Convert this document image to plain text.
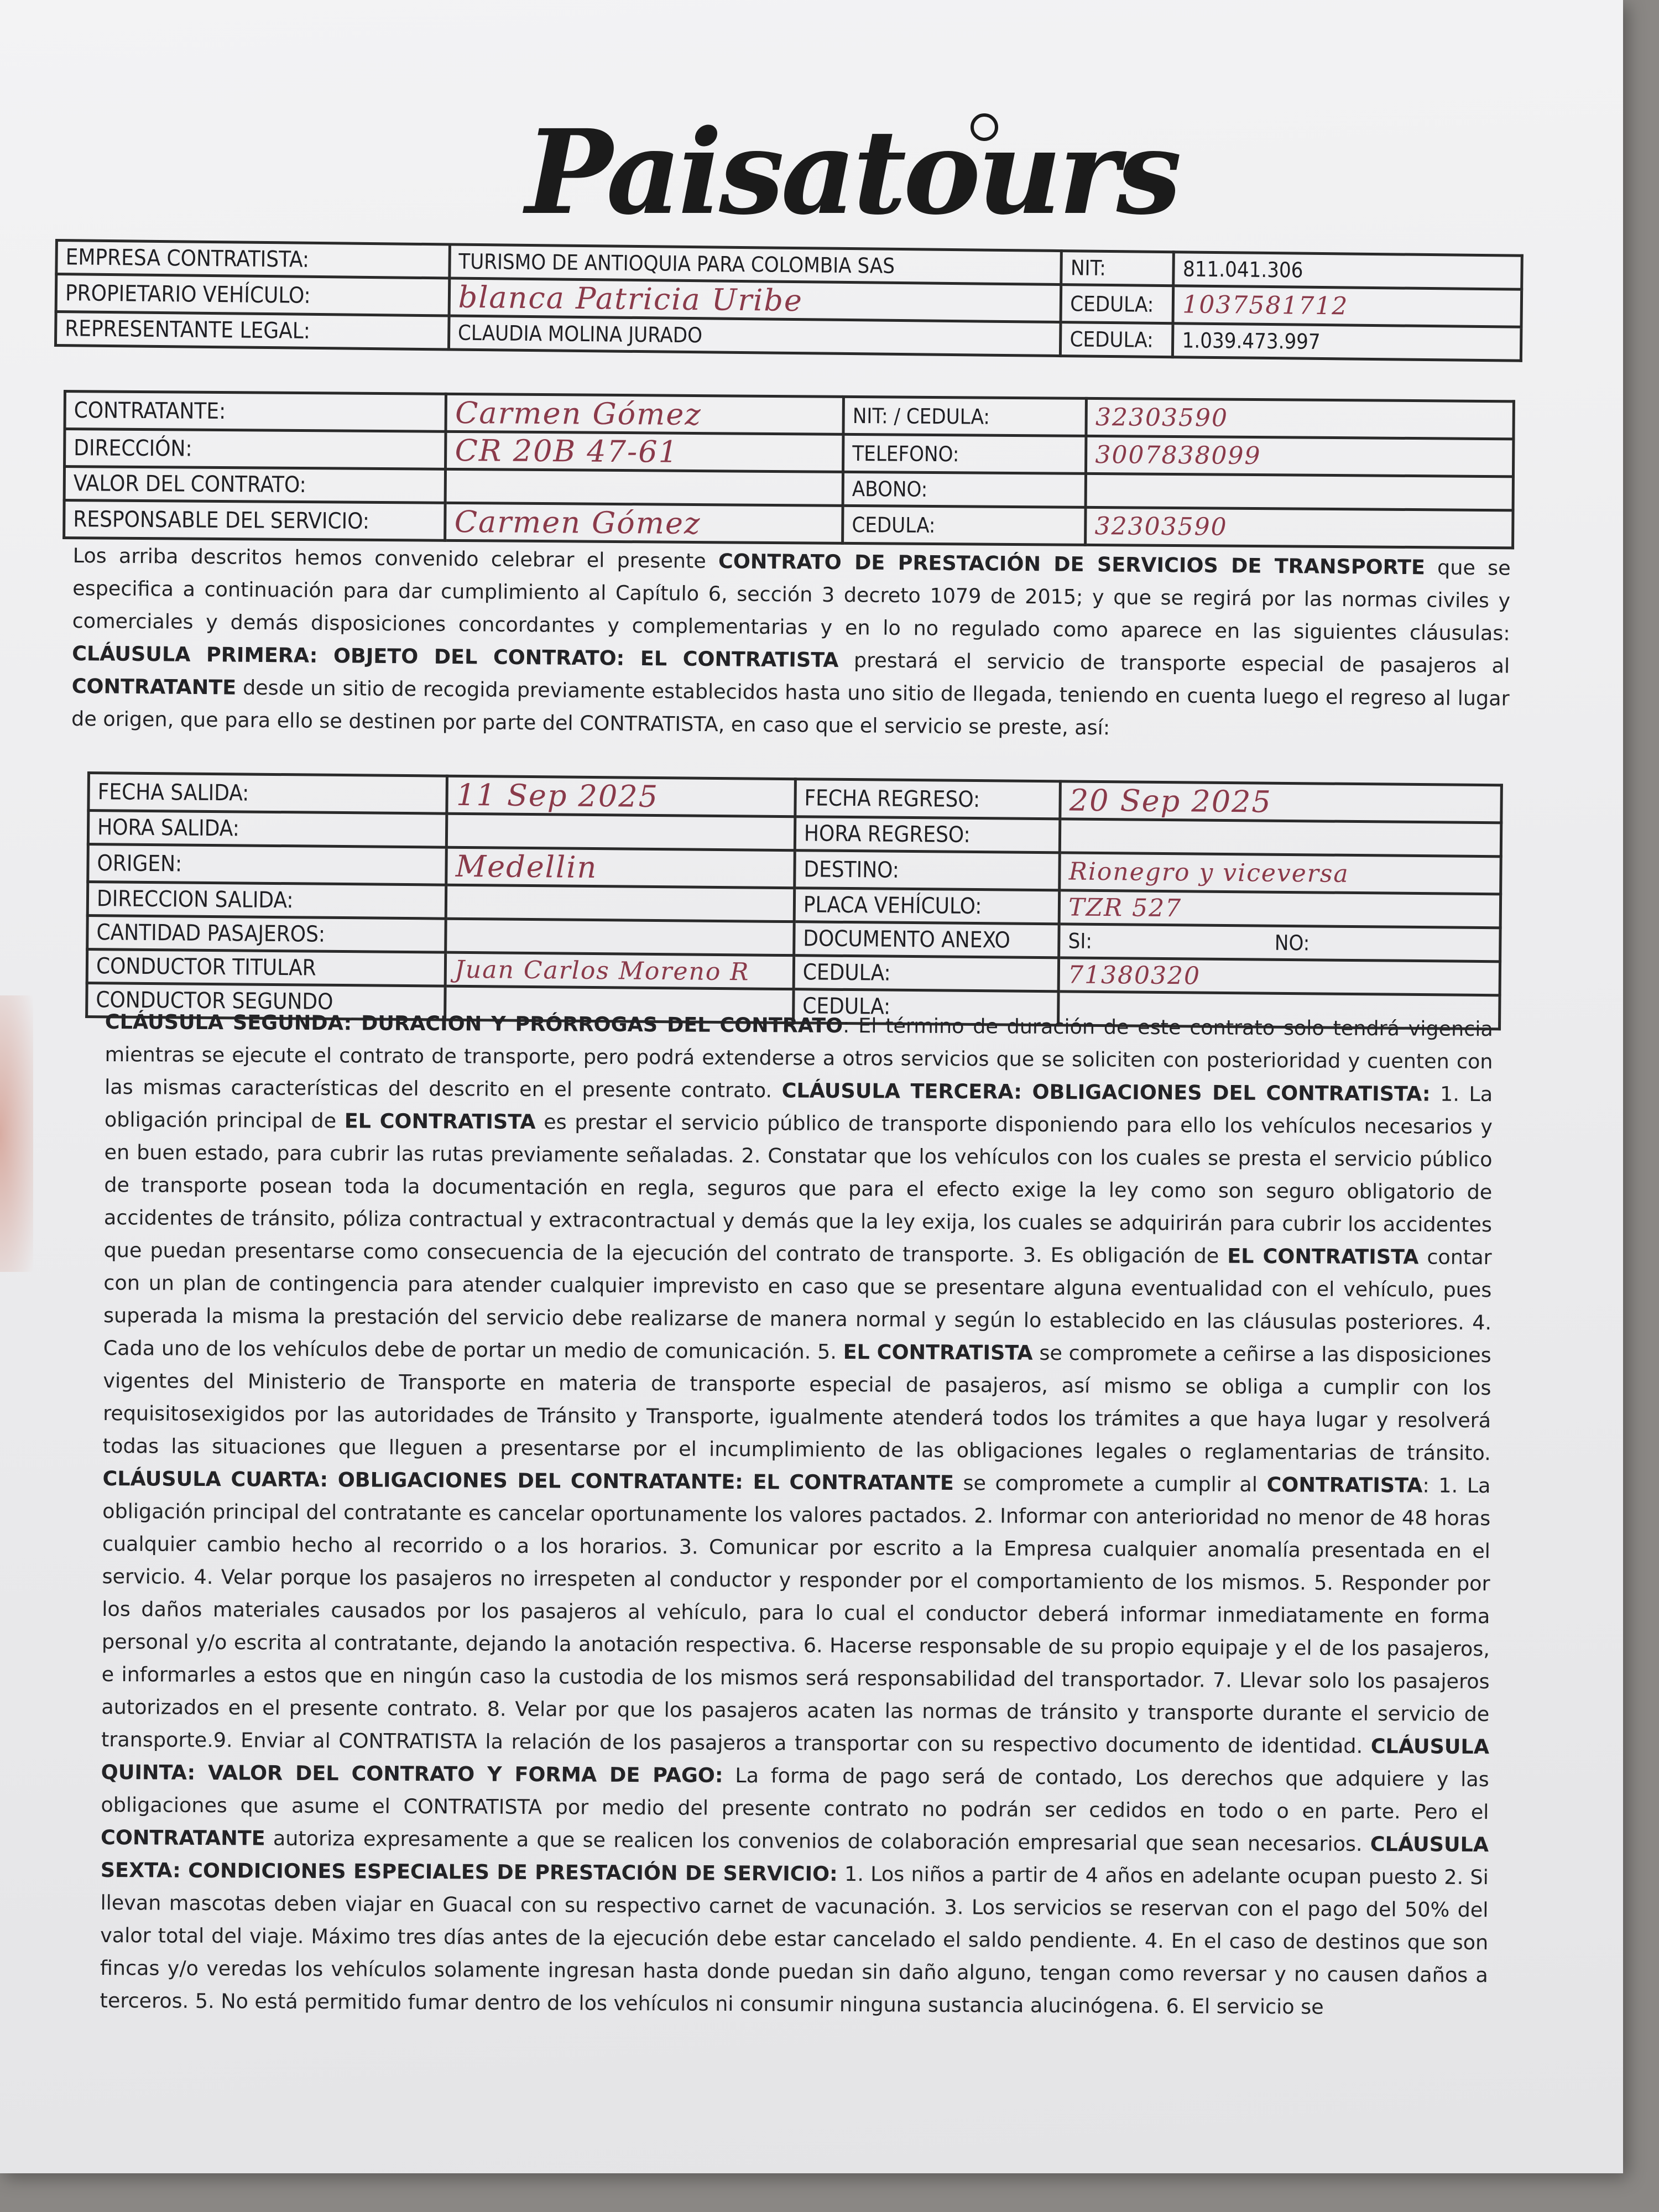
Paisatours
EMPRESA CONTRATISTA:	TURISMO DE ANTIOQUIA PARA COLOMBIA SAS	NIT:	811.041.306
PROPIETARIO VEHÍCULO:	blanca Patricia Uribe	CEDULA:	1037581712
REPRESENTANTE LEGAL:	CLAUDIA MOLINA JURADO	CEDULA:	1.039.473.997
CONTRATANTE:	Carmen Gómez	NIT: / CEDULA:	32303590
DIRECCIÓN:	CR 20B 47-61	TELEFONO:	3007838099
VALOR DEL CONTRATO:		ABONO:	
RESPONSABLE DEL SERVICIO:	Carmen Gómez	CEDULA:	32303590
Los arriba descritos hemos convenido celebrar el presente CONTRATO DE PRESTACIÓN DE SERVICIOS DE TRANSPORTE que se especifica a continuación para dar cumplimiento al Capítulo 6, sección 3 decreto 1079 de 2015; y que se regirá por las normas civiles y comerciales y demás disposiciones concordantes y complementarias y en lo no regulado como aparece en las siguientes cláusulas: CLÁUSULA PRIMERA: OBJETO DEL CONTRATO: EL CONTRATISTA prestará el servicio de transporte especial de pasajeros al CONTRATANTE desde un sitio de recogida previamente establecidos hasta uno sitio de llegada, teniendo en cuenta luego el regreso al lugar de origen, que para ello se destinen por parte del CONTRATISTA, en caso que el servicio se preste, así:
FECHA SALIDA:	11 Sep 2025	FECHA REGRESO:	20 Sep 2025
HORA SALIDA:		HORA REGRESO:	
ORIGEN:	Medellin	DESTINO:	Rionegro y viceversa
DIRECCION SALIDA:		PLACA VEHÍCULO:	TZR 527
CANTIDAD PASAJEROS:		DOCUMENTO ANEXO	SI: NO:
CONDUCTOR TITULAR	Juan Carlos Moreno R	CEDULA:	71380320
CONDUCTOR SEGUNDO		CEDULA:	
CLÁUSULA SEGUNDA: DURACION Y PRÓRROGAS DEL CONTRATO: El término de duración de este contrato solo tendrá vigencia mientras se ejecute el contrato de transporte, pero podrá extenderse a otros servicios que se soliciten con posterioridad y cuenten con las mismas características del descrito en el presente contrato. CLÁUSULA TERCERA: OBLIGACIONES DEL CONTRATISTA: 1. La obligación principal de EL CONTRATISTA es prestar el servicio público de transporte disponiendo para ello los vehículos necesarios y en buen estado, para cubrir las rutas previamente señaladas. 2. Constatar que los vehículos con los cuales se presta el servicio público de transporte posean toda la documentación en regla, seguros que para el efecto exige la ley como son seguro obligatorio de accidentes de tránsito, póliza contractual y extracontractual y demás que la ley exija, los cuales se adquirirán para cubrir los accidentes que puedan presentarse como consecuencia de la ejecución del contrato de transporte. 3. Es obligación de EL CONTRATISTA contar con un plan de contingencia para atender cualquier imprevisto en caso que se presentare alguna eventualidad con el vehículo, pues superada la misma la prestación del servicio debe realizarse de manera normal y según lo establecido en las cláusulas posteriores. 4. Cada uno de los vehículos debe de portar un medio de comunicación. 5. EL CONTRATISTA se compromete a ceñirse a las disposiciones vigentes del Ministerio de Transporte en materia de transporte especial de pasajeros, así mismo se obliga a cumplir con los requisitosexigidos por las autoridades de Tránsito y Transporte, igualmente atenderá todos los trámites a que haya lugar y resolverá todas las situaciones que lleguen a presentarse por el incumplimiento de las obligaciones legales o reglamentarias de tránsito. CLÁUSULA CUARTA: OBLIGACIONES DEL CONTRATANTE: EL CONTRATANTE se compromete a cumplir al CONTRATISTA: 1. La obligación principal del contratante es cancelar oportunamente los valores pactados. 2. Informar con anterioridad no menor de 48 horas cualquier cambio hecho al recorrido o a los horarios. 3. Comunicar por escrito a la Empresa cualquier anomalía presentada en el servicio. 4. Velar porque los pasajeros no irrespeten al conductor y responder por el comportamiento de los mismos. 5. Responder por los daños materiales causados por los pasajeros al vehículo, para lo cual el conductor deberá informar inmediatamente en forma personal y/o escrita al contratante, dejando la anotación respectiva. 6. Hacerse responsable de su propio equipaje y el de los pasajeros, e informarles a estos que en ningún caso la custodia de los mismos será responsabilidad del transportador. 7. Llevar solo los pasajeros autorizados en el presente contrato. 8. Velar por que los pasajeros acaten las normas de tránsito y transporte durante el servicio de transporte.9. Enviar al CONTRATISTA la relación de los pasajeros a transportar con su respectivo documento de identidad. CLÁUSULA QUINTA: VALOR DEL CONTRATO Y FORMA DE PAGO: La forma de pago será de contado, Los derechos que adquiere y las obligaciones que asume el CONTRATISTA por medio del presente contrato no podrán ser cedidos en todo o en parte. Pero el CONTRATANTE autoriza expresamente a que se realicen los convenios de colaboración empresarial que sean necesarios. CLÁUSULA SEXTA: CONDICIONES ESPECIALES DE PRESTACIÓN DE SERVICIO: 1. Los niños a partir de 4 años en adelante ocupan puesto 2. Si llevan mascotas deben viajar en Guacal con su respectivo carnet de vacunación. 3. Los servicios se reservan con el pago del 50% del valor total del viaje. Máximo tres días antes de la ejecución debe estar cancelado el saldo pendiente. 4. En el caso de destinos que son fincas y/o veredas los vehículos solamente ingresan hasta donde puedan sin daño alguno, tengan como reversar y no causen daños a terceros. 5. No está permitido fumar dentro de los vehículos ni consumir ninguna sustancia alucinógena. 6. El servicio se
